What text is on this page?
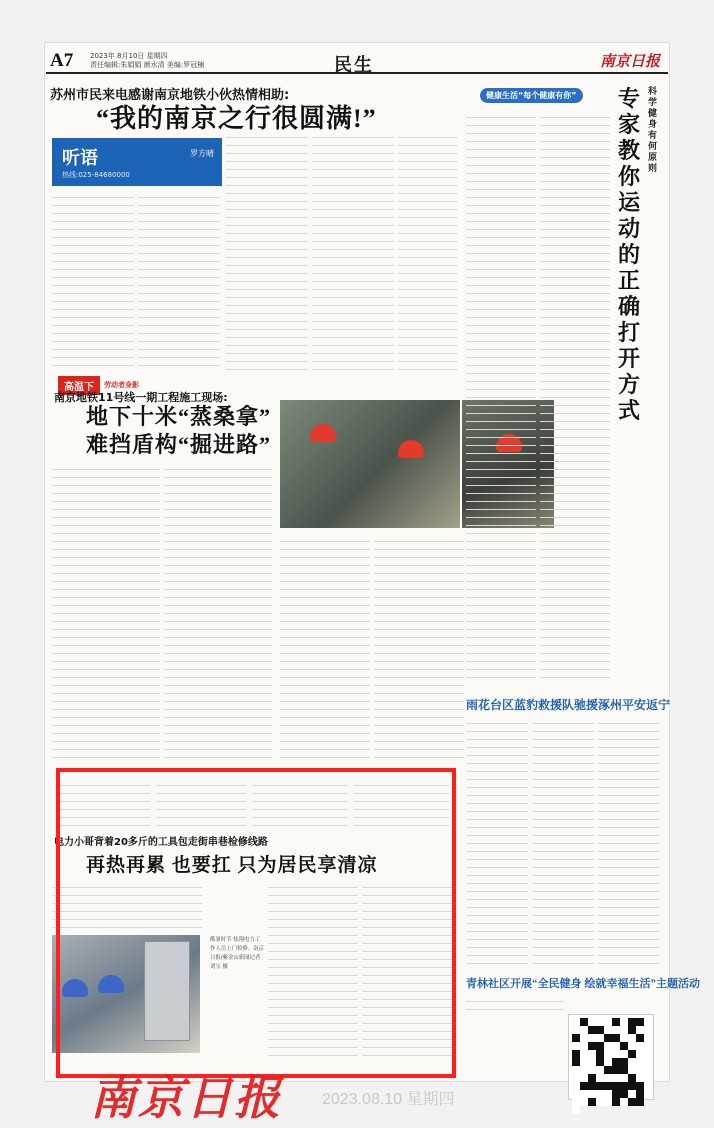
A7 2023年 8月10日 星期四
责任编辑:朱娟娟 颜水清 美编:罗冠楠	民生	南京日报
苏州市民来电感谢南京地铁小伙热情相助:
“我的南京之行很圆满!”
听语	罗方晴
热线:025-84680000
高温下	劳动者身影
南京地铁11号线一期工程施工现场:
地下十米“蒸桑拿”
难挡盾构“掘进路”
电力小哥背着20多斤的工具包走街串巷检修线路
再热再累 也要扛 只为居民享清凉
酷暑时节 炫翔电力工作人员上门检修。南京日报/紫金山新闻记者 刘宝 摄
健康生活“每个健康有你”	科学健身有何原则
专家教你运动的正确打开方式
雨花台区蓝豹救援队驰援涿州平安返宁
青林社区开展“全民健身 绘就幸福生活”主题活动
南京日报	2023.08.10 星期四
